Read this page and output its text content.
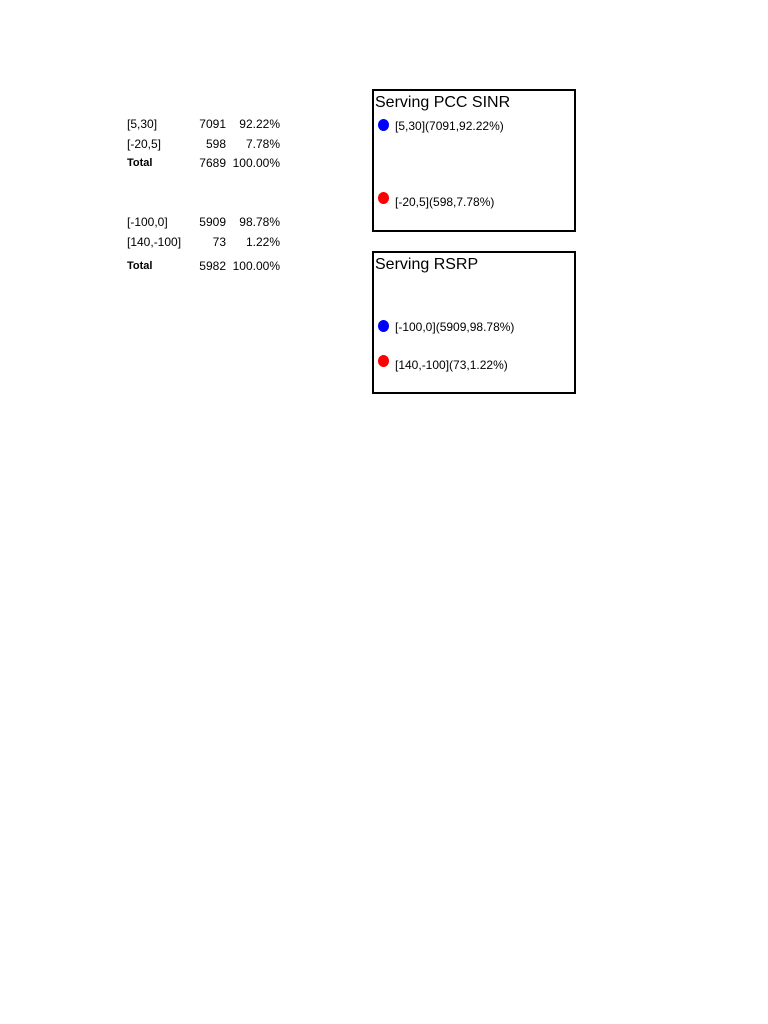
[5,30]	7091 92.22%
[-20,5]	598 7.78%
Total	7689 100.00%
[-100,0]	5909 98.78%
[140,-100]	73 1.22%
Total	5982 100.00%
Serving PCC SINR
[5,30](7091,92.22%)
[-20,5](598,7.78%)
Serving RSRP
[-100,0](5909,98.78%)
[140,-100](73,1.22%)
